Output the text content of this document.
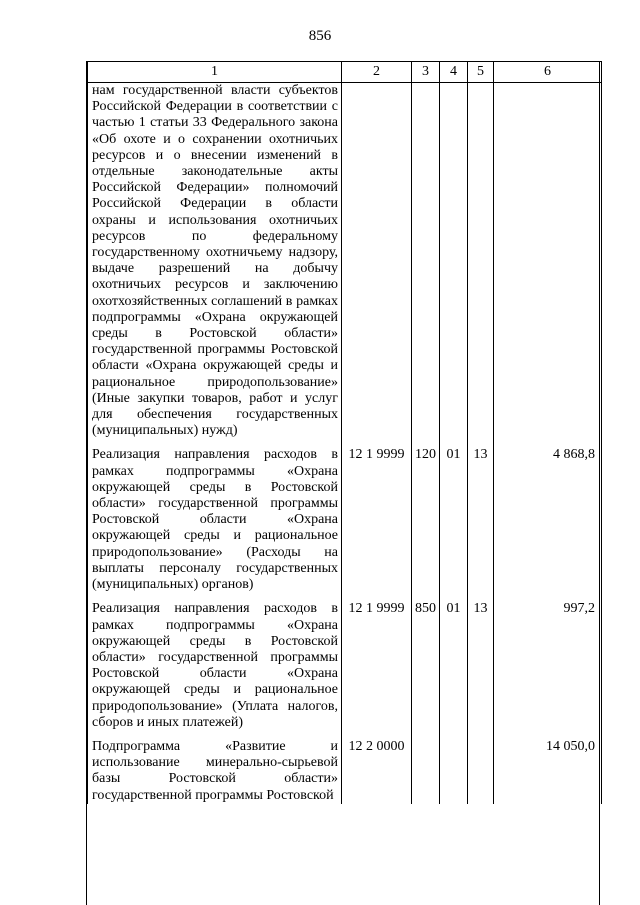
856
1	2	3	4	5	6
нам государственной власти субъектов Российской Федерации в соответствии с частью 1 статьи 33 Федерального закона «Об охоте и о сохранении охотничьих ресурсов и о внесении изменений в отдельные законодательные акты Российской Федерации» полномочий Российской Федерации в области охраны и использования охотничьих ресурсов по федеральному государственному охотничьему надзору, выдаче разрешений на добычу охотничьих ресурсов и заключению охотхозяйственных соглашений в рамках подпрограммы «Охрана окружающей среды в Ростовской области» государственной программы Ростовской области «Охрана окружающей среды и рациональное природопользование» (Иные закупки товаров, работ и услуг для обеспечения государственных (муниципальных) нужд)					

Реализация направления расходов в рамках подпрограммы «Охрана окружающей среды в Ростовской области» государственной программы Ростовской области «Охрана окружающей среды и рациональное природопользование» (Расходы на выплаты персоналу государственных (муниципальных) органов)	12 1 9999	120	01	13	4 868,8

Реализация направления расходов в рамках подпрограммы «Охрана окружающей среды в Ростовской области» государственной программы Ростовской области «Охрана окружающей среды и рациональное природопользование» (Уплата налогов, сборов и иных платежей)	12 1 9999	850	01	13	997,2

Подпрограмма «Развитие и использование минерально-сырьевой базы Ростовской области» государственной программы Ростовской	12 2 0000				14 050,0
